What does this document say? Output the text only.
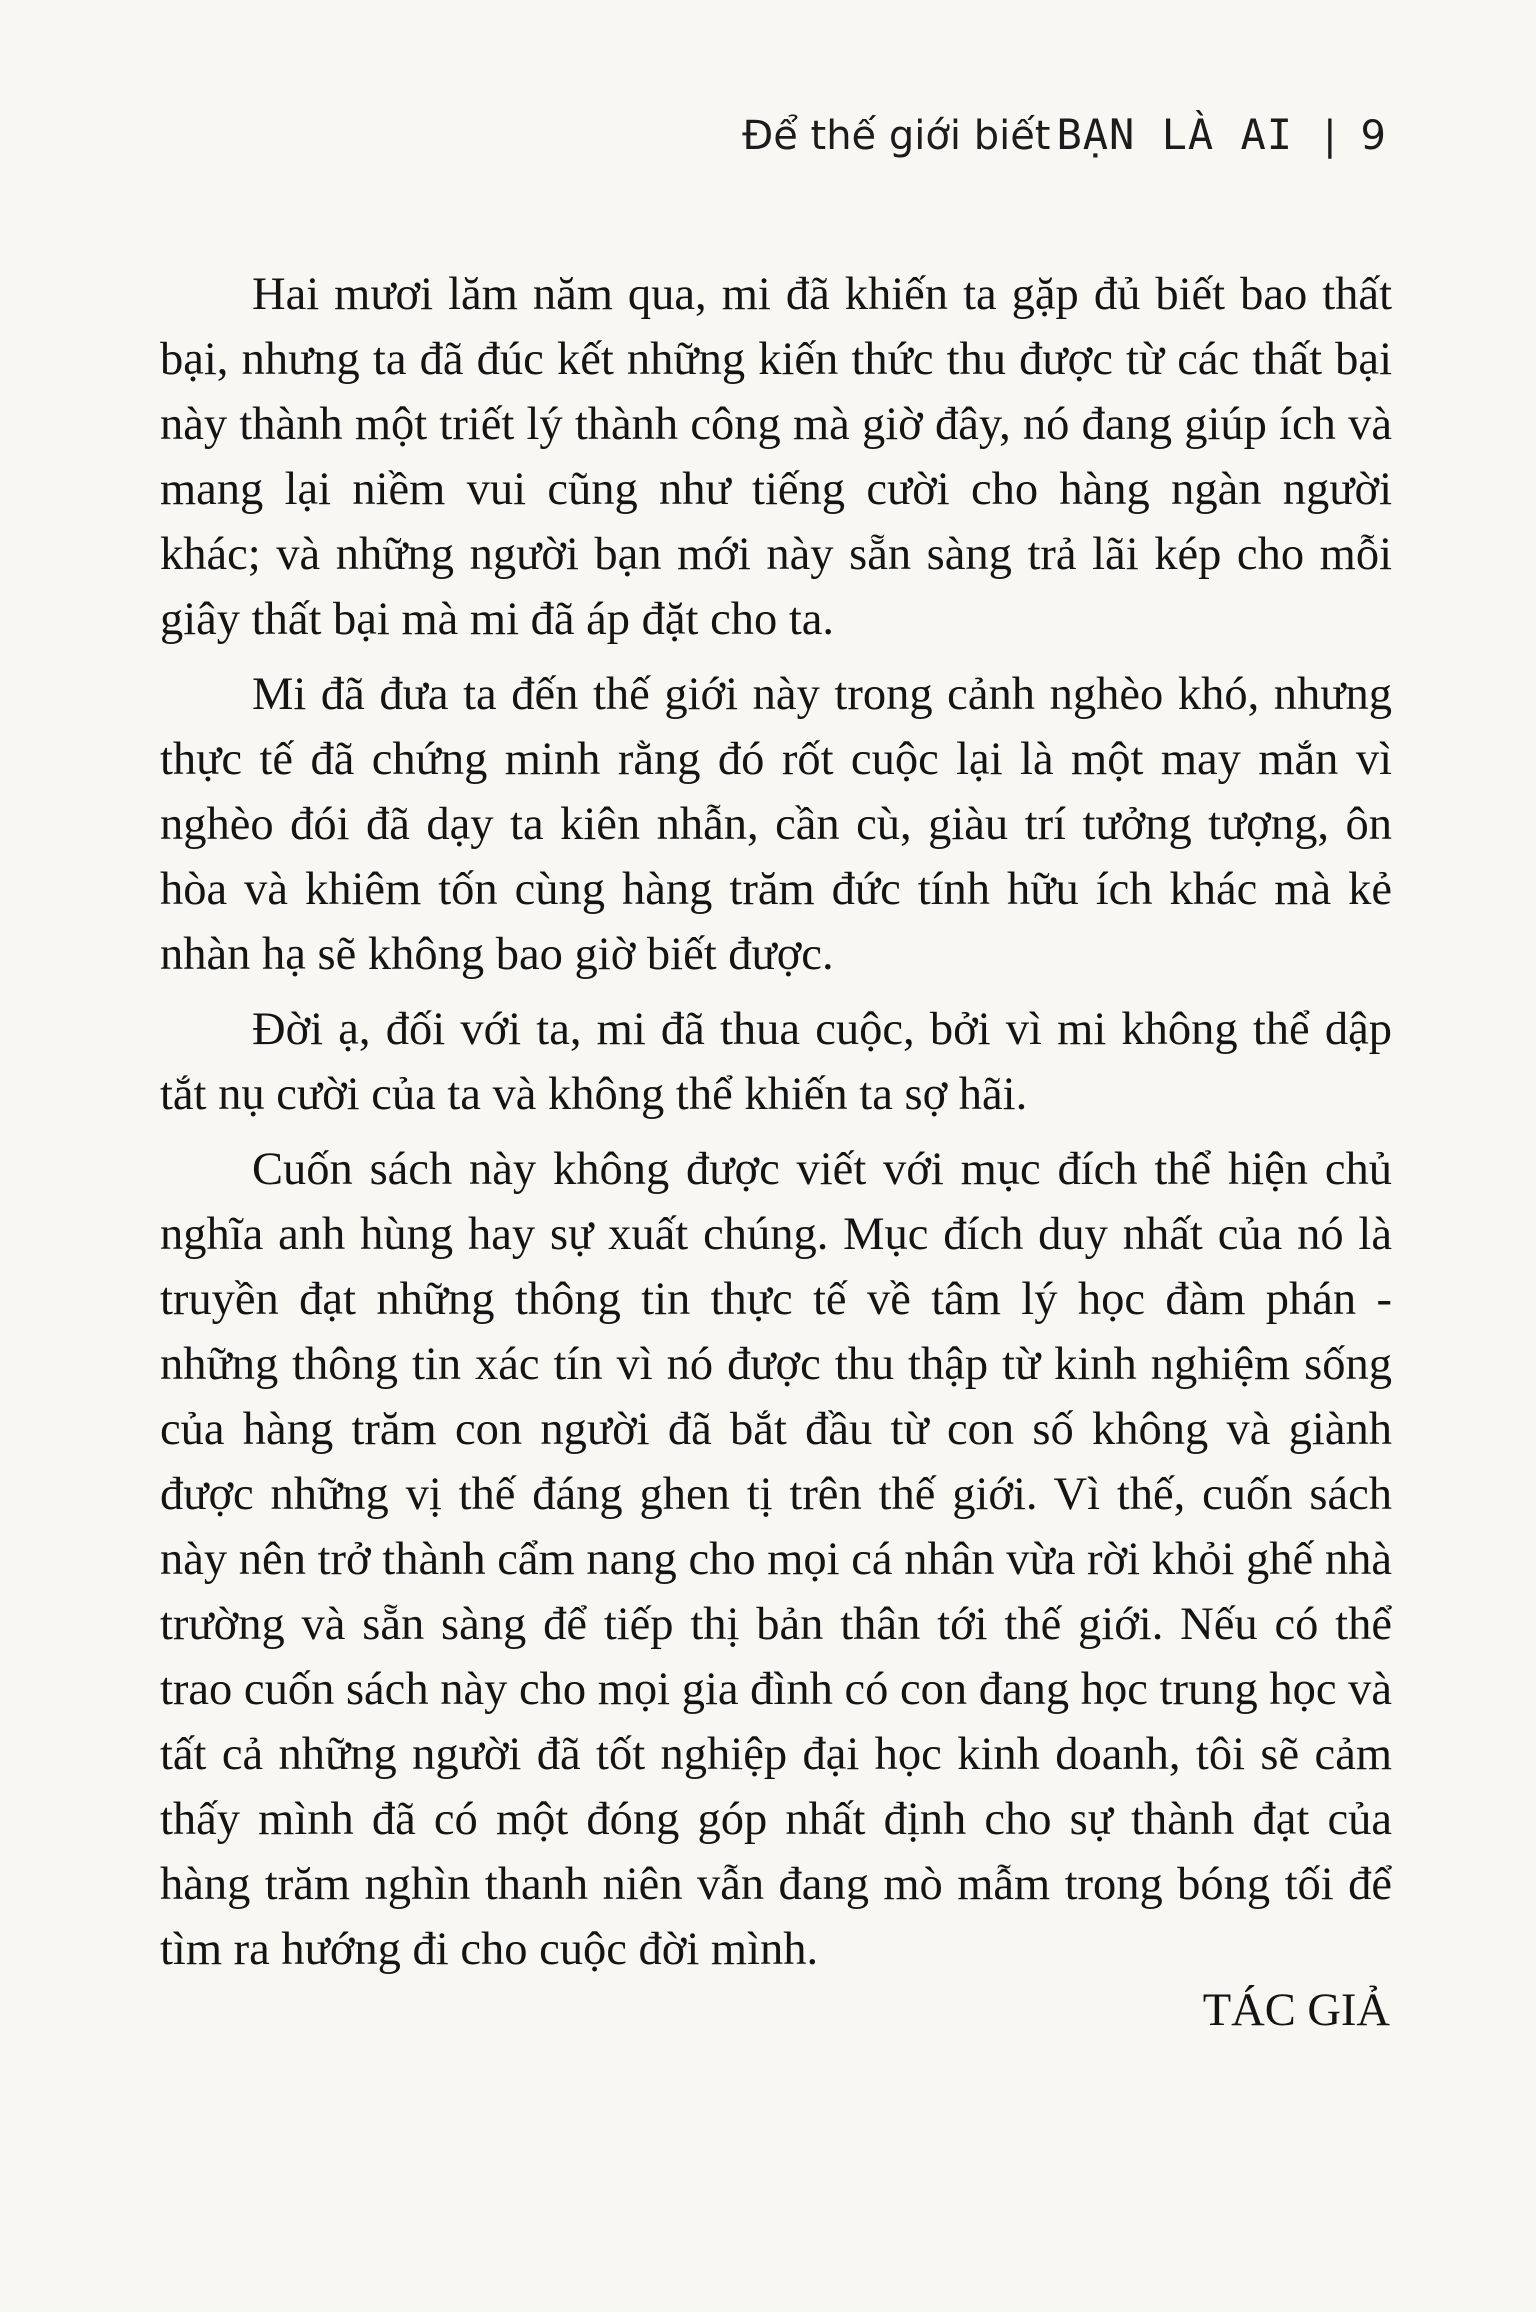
Để thế giới biết BẠN LÀ AI | 9

Hai mươi lăm năm qua, mi đã khiến ta gặp đủ biết bao thất bại, nhưng ta đã đúc kết những kiến thức thu được từ các thất bại này thành một triết lý thành công mà giờ đây, nó đang giúp ích và mang lại niềm vui cũng như tiếng cười cho hàng ngàn người khác; và những người bạn mới này sẵn sàng trả lãi kép cho mỗi giây thất bại mà mi đã áp đặt cho ta.

Mi đã đưa ta đến thế giới này trong cảnh nghèo khó, nhưng thực tế đã chứng minh rằng đó rốt cuộc lại là một may mắn vì nghèo đói đã dạy ta kiên nhẫn, cần cù, giàu trí tưởng tượng, ôn hòa và khiêm tốn cùng hàng trăm đức tính hữu ích khác mà kẻ nhàn hạ sẽ không bao giờ biết được.

Đời ạ, đối với ta, mi đã thua cuộc, bởi vì mi không thể dập tắt nụ cười của ta và không thể khiến ta sợ hãi.

Cuốn sách này không được viết với mục đích thể hiện chủ nghĩa anh hùng hay sự xuất chúng. Mục đích duy nhất của nó là truyền đạt những thông tin thực tế về tâm lý học đàm phán - những thông tin xác tín vì nó được thu thập từ kinh nghiệm sống của hàng trăm con người đã bắt đầu từ con số không và giành được những vị thế đáng ghen tị trên thế giới. Vì thế, cuốn sách này nên trở thành cẩm nang cho mọi cá nhân vừa rời khỏi ghế nhà trường và sẵn sàng để tiếp thị bản thân tới thế giới. Nếu có thể trao cuốn sách này cho mọi gia đình có con đang học trung học và tất cả những người đã tốt nghiệp đại học kinh doanh, tôi sẽ cảm thấy mình đã có một đóng góp nhất định cho sự thành đạt của hàng trăm nghìn thanh niên vẫn đang mò mẫm trong bóng tối để tìm ra hướng đi cho cuộc đời mình.

TÁC GIẢ
